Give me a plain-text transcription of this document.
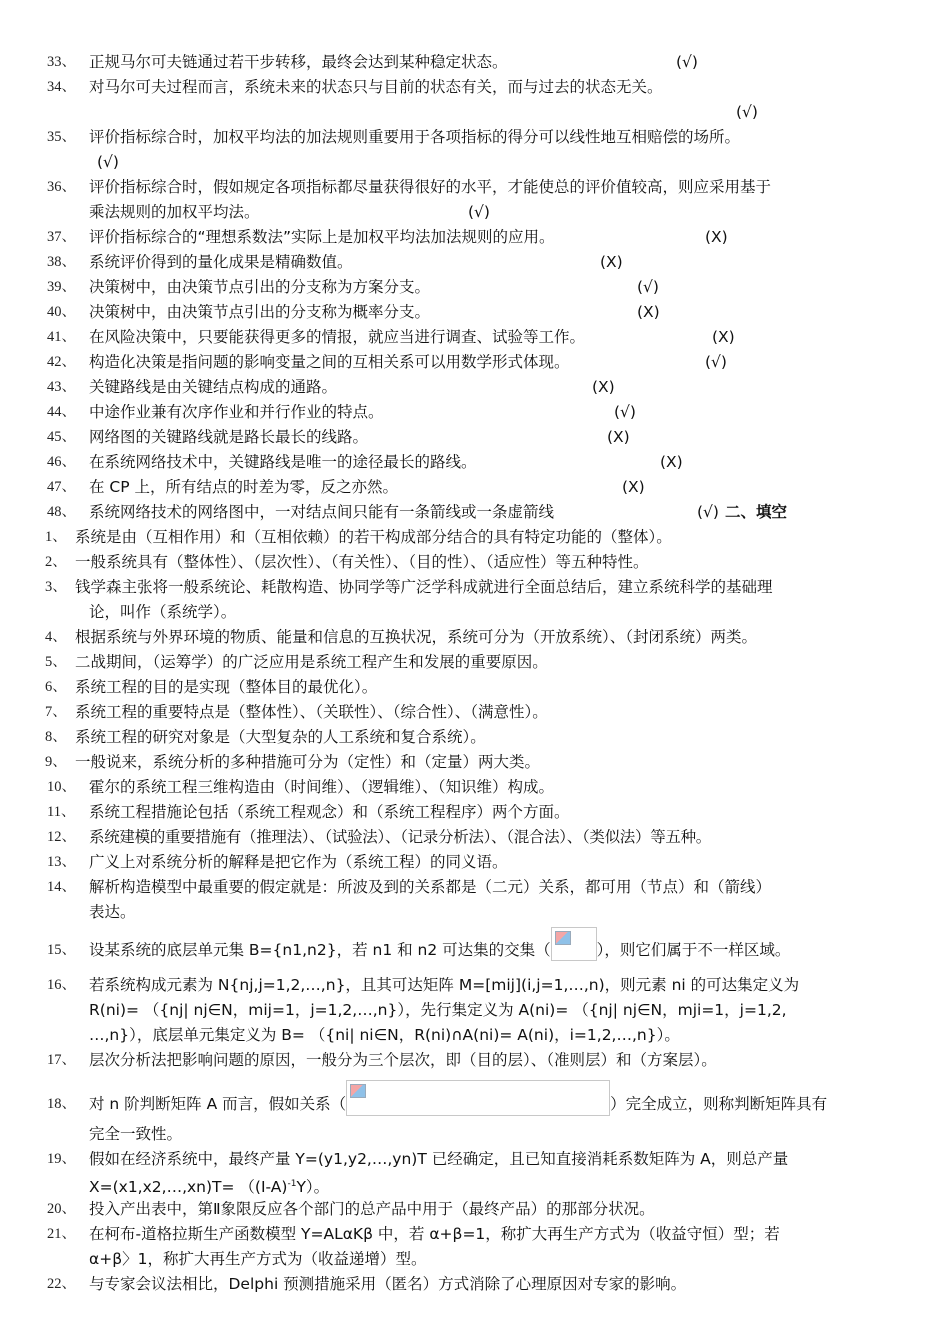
33、 正规马尔可夫链通过若干步转移，最终会达到某种稳定状态。	(√)
34、 对马尔可夫过程而言，系统未来的状态只与目前的状态有关，而与过去的状态无关。
(√)
35、 评价指标综合时，加权平均法的加法规则重要用于各项指标的得分可以线性地互相赔偿的场所。
(√)
36、 评价指标综合时，假如规定各项指标都尽量获得很好的水平，才能使总的评价值较高，则应采用基于
乘法规则的加权平均法。	(√)
37、 评价指标综合的“理想系数法”实际上是加权平均法加法规则的应用。	(X)
38、 系统评价得到的量化成果是精确数值。	(X)
39、 决策树中，由决策节点引出的分支称为方案分支。	(√)
40、 决策树中，由决策节点引出的分支称为概率分支。	(X)
41、 在风险决策中，只要能获得更多的情报，就应当进行调查、试验等工作。	(X)
42、 构造化决策是指问题的影响变量之间的互相关系可以用数学形式体现。	(√)
43、 关键路线是由关键结点构成的通路。	(X)
44、 中途作业兼有次序作业和并行作业的特点。	(√)
45、 网络图的关键路线就是路长最长的线路。	(X)
46、 在系统网络技术中，关键路线是唯一的途径最长的路线。	(X)
47、 在 CP 上，所有结点的时差为零，反之亦然。	(X)
48、 系统网络技术的网络图中，一对结点间只能有一条箭线或一条虚箭线	(√) 二、填空
1、 系统是由（互相作用）和（互相依赖）的若干构成部分结合的具有特定功能的（整体）。
2、 一般系统具有（整体性）、（层次性）、（有关性）、（目的性）、（适应性）等五种特性。
3、 钱学森主张将一般系统论、耗散构造、协同学等广泛学科成就进行全面总结后，建立系统科学的基础理
论，叫作（系统学）。
4、 根据系统与外界环境的物质、能量和信息的互换状况，系统可分为（开放系统）、（封闭系统）两类。
5、 二战期间，（运筹学）的广泛应用是系统工程产生和发展的重要原因。
6、 系统工程的目的是实现（整体目的最优化）。
7、 系统工程的重要特点是（整体性）、（关联性）、（综合性）、（满意性）。
8、 系统工程的研究对象是（大型复杂的人工系统和复合系统）。
9、 一般说来，系统分析的多种措施可分为（定性）和（定量）两大类。
10、 霍尔的系统工程三维构造由（时间维）、（逻辑维）、（知识维）构成。
11、 系统工程措施论包括（系统工程观念）和（系统工程程序）两个方面。
12、 系统建模的重要措施有（推理法）、（试验法）、（记录分析法）、（混合法）、（类似法）等五种。
13、 广义上对系统分析的解释是把它作为（系统工程）的同义语。
14、 解析构造模型中最重要的假定就是：所波及到的关系都是（二元）关系，都可用（节点）和（箭线）
表达。
15、 设某系统的底层单元集 B={n1,n2}，若 n1 和 n2 可达集的交集（	），则它们属于不一样区域。
16、 若系统构成元素为 N{nj,j=1,2,…,n}，且其可达矩阵 M=[mij](i,j=1,…,n)，则元素 ni 的可达集定义为
R(ni)= （{nj| nj∈N，mij=1，j=1,2,…,n}），先行集定义为 A(ni)= （{nj| nj∈N，mji=1，j=1,2,
…,n}），底层单元集定义为 B= （{ni| ni∈N，R(ni)∩A(ni)= A(ni)，i=1,2,…,n}）。
17、 层次分析法把影响问题的原因，一般分为三个层次，即（目的层）、（准则层）和（方案层）。
18、 对 n 阶判断矩阵 A 而言，假如关系（	）完全成立，则称判断矩阵具有
完全一致性。
19、 假如在经济系统中，最终产量 Y=(y1,y2,…,yn)T 已经确定，且已知直接消耗系数矩阵为 A，则总产量
X=(x1,x2,…,xn)T= $((I-A)^{-1}Y)$。
20、 投入产出表中，第Ⅱ象限反应各个部门的总产品中用于（最终产品）的那部分状况。
21、 在柯布-道格拉斯生产函数模型 Y=ALαKβ 中，若 α+β=1，称扩大再生产方式为（收益守恒）型；若
α+β〉1，称扩大再生产方式为（收益递增）型。
22、 与专家会议法相比，Delphi 预测措施采用（匿名）方式消除了心理原因对专家的影响。
